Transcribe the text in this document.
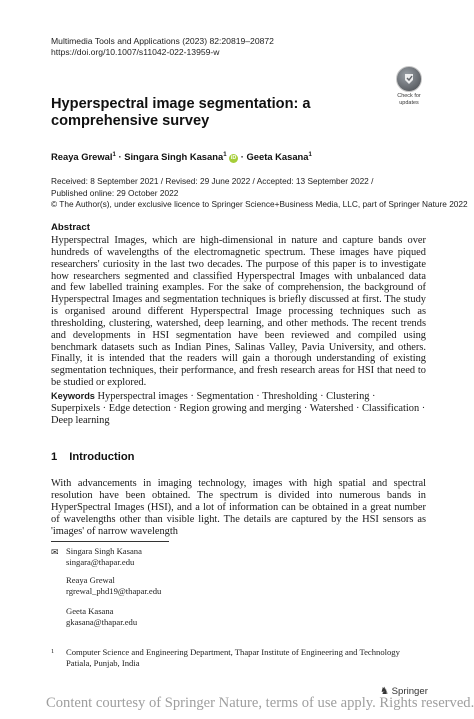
Multimedia Tools and Applications (2023) 82:20819–20872
https://doi.org/10.1007/s11042-022-13959-w
Check for
updates
Hyperspectral image segmentation: a comprehensive survey
Reaya Grewal$^1$ · Singara Singh Kasana$^1$ iD · Geeta Kasana$^1$
Received: 8 September 2021 / Revised: 29 June 2022 / Accepted: 13 September 2022 /
Published online: 29 October 2022
© The Author(s), under exclusive licence to Springer Science+Business Media, LLC, part of Springer Nature 2022
Abstract
Hyperspectral Images, which are high-dimensional in nature and capture bands over hundreds of wavelengths of the electromagnetic spectrum. These images have piqued researchers' curiosity in the last two decades. The purpose of this paper is to investigate how researchers segmented and classified Hyperspectral Images with unbalanced data and few labelled training examples. For the sake of comprehension, the background of Hyperspectral Images and segmentation techniques is briefly discussed at first. The study is organised around different Hyperspectral Image processing techniques such as thresholding, clustering, watershed, deep learning, and other methods. The recent trends and developments in HSI segmentation have been reviewed and compiled using benchmark datasets such as Indian Pines, Salinas Valley, Pavia University, and others. Finally, it is intended that the readers will gain a thorough understanding of existing segmentation techniques, their performance, and fresh research areas for HSI that need to be studied or explored.
Keywords Hyperspectral images · Segmentation · Thresholding · Clustering · Superpixels · Edge detection · Region growing and merging · Watershed · Classification · Deep learning
1 Introduction
With advancements in imaging technology, images with high spatial and spectral resolution have been obtained. The spectrum is divided into numerous bands in HyperSpectral Images (HSI), and a lot of information can be obtained in a great number of wavelengths other than visible light. The details are captured by the HSI sensors as 'images' of narrow wavelength
✉ Singara Singh Kasana
singara@thapar.edu
Reaya Grewal
rgrewal_phd19@thapar.edu
Geeta Kasana
gkasana@thapar.edu
1 Computer Science and Engineering Department, Thapar Institute of Engineering and Technology
Patiala, Punjab, India
♞ Springer
Content courtesy of Springer Nature, terms of use apply. Rights reserved.
